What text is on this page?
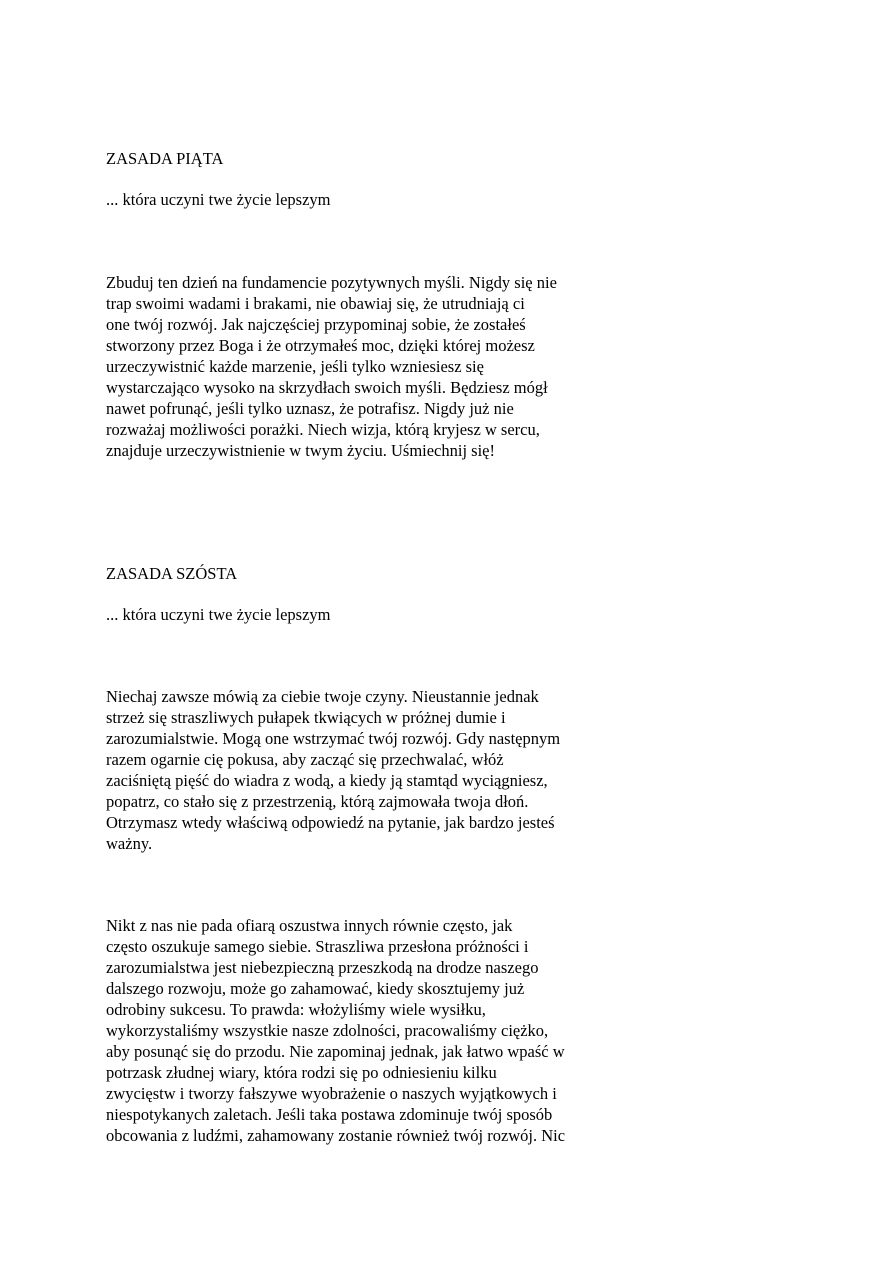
ZASADA PIĄTA
... która uczyni twe życie lepszym
Zbuduj ten dzień na fundamencie pozytywnych myśli. Nigdy się nie
trap swoimi wadami i brakami, nie obawiaj się, że utrudniają ci
one twój rozwój. Jak najczęściej przypominaj sobie, że zostałeś
stworzony przez Boga i że otrzymałeś moc, dzięki której możesz
urzeczywistnić każde marzenie, jeśli tylko wzniesiesz się
wystarczająco wysoko na skrzydłach swoich myśli. Będziesz mógł
nawet pofrunąć, jeśli tylko uznasz, że potrafisz. Nigdy już nie
rozważaj możliwości porażki. Niech wizja, którą kryjesz w sercu,
znajduje urzeczywistnienie w twym życiu. Uśmiechnij się!
ZASADA SZÓSTA
... która uczyni twe życie lepszym
Niechaj zawsze mówią za ciebie twoje czyny. Nieustannie jednak
strzeż się straszliwych pułapek tkwiących w próżnej dumie i
zarozumialstwie. Mogą one wstrzymać twój rozwój. Gdy następnym
razem ogarnie cię pokusa, aby zacząć się przechwalać, włóż
zaciśniętą pięść do wiadra z wodą, a kiedy ją stamtąd wyciągniesz,
popatrz, co stało się z przestrzenią, którą zajmowała twoja dłoń.
Otrzymasz wtedy właściwą odpowiedź na pytanie, jak bardzo jesteś
ważny.
Nikt z nas nie pada ofiarą oszustwa innych równie często, jak
często oszukuje samego siebie. Straszliwa przesłona próżności i
zarozumialstwa jest niebezpieczną przeszkodą na drodze naszego
dalszego rozwoju, może go zahamować, kiedy skosztujemy już
odrobiny sukcesu. To prawda: włożyliśmy wiele wysiłku,
wykorzystaliśmy wszystkie nasze zdolności, pracowaliśmy ciężko,
aby posunąć się do przodu. Nie zapominaj jednak, jak łatwo wpaść w
potrzask złudnej wiary, która rodzi się po odniesieniu kilku
zwycięstw i tworzy fałszywe wyobrażenie o naszych wyjątkowych i
niespotykanych zaletach. Jeśli taka postawa zdominuje twój sposób
obcowania z ludźmi, zahamowany zostanie również twój rozwój. Nic
